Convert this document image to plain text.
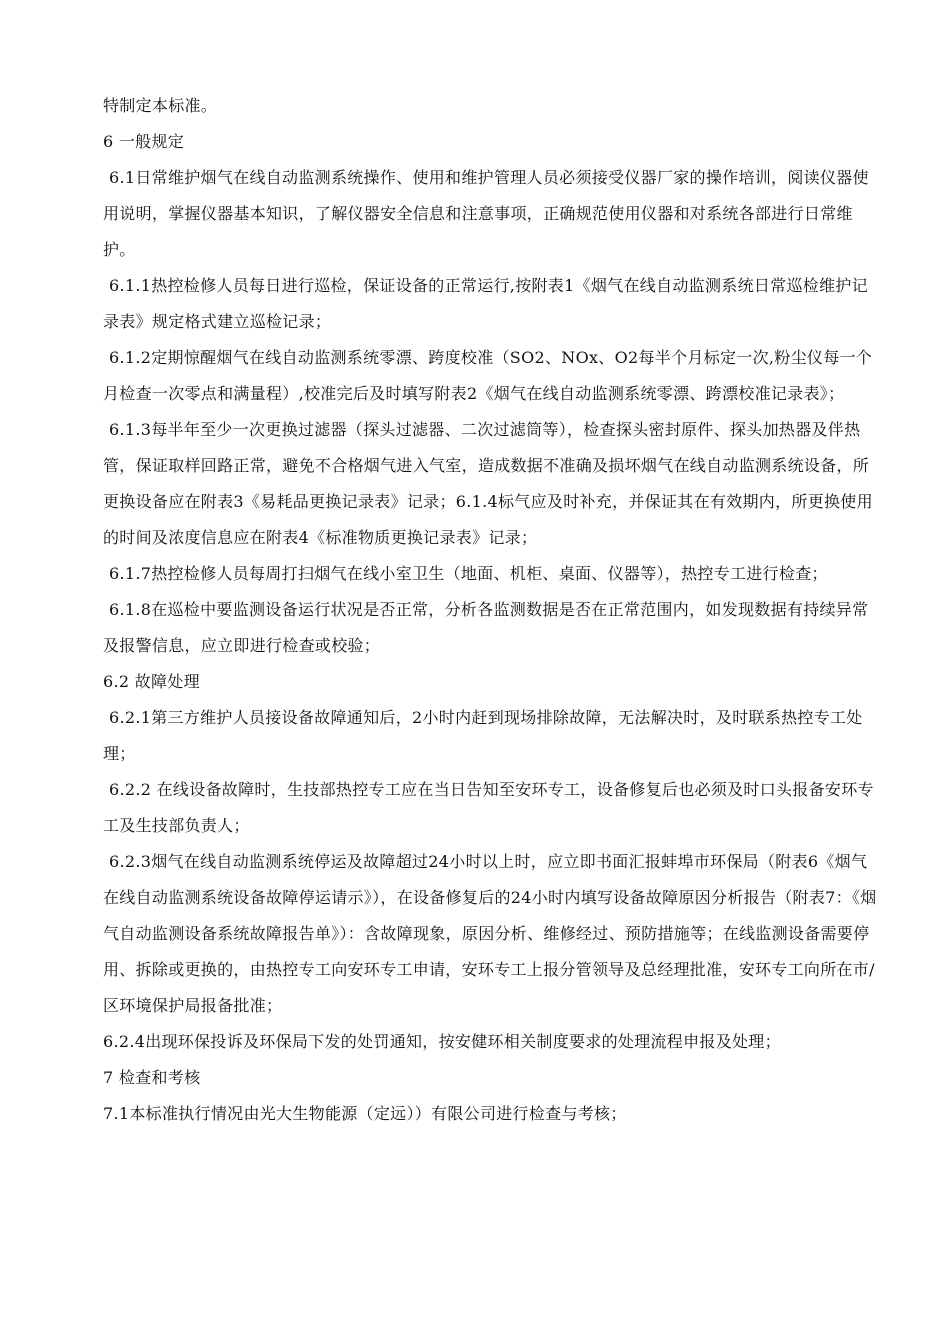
特制定本标准。

6 一般规定

6.1日常维护烟气在线自动监测系统操作、使用和维护管理人员必须接受仪器厂家的操作培训，阅读仪器使用说明，掌握仪器基本知识，了解仪器安全信息和注意事项，正确规范使用仪器和对系统各部进行日常维护。

6.1.1热控检修人员每日进行巡检，保证设备的正常运行,按附表1《烟气在线自动监测系统日常巡检维护记录表》规定格式建立巡检记录；

6.1.2定期惊醒烟气在线自动监测系统零漂、跨度校准（SO2、NOx、O2每半个月标定一次,粉尘仪每一个月检查一次零点和满量程）,校准完后及时填写附表2《烟气在线自动监测系统零漂、跨漂校准记录表》；

6.1.3每半年至少一次更换过滤器（探头过滤器、二次过滤筒等），检查探头密封原件、探头加热器及伴热管，保证取样回路正常，避免不合格烟气进入气室，造成数据不准确及损坏烟气在线自动监测系统设备，所更换设备应在附表3《易耗品更换记录表》记录；6.1.4标气应及时补充，并保证其在有效期内，所更换使用的时间及浓度信息应在附表4《标准物质更换记录表》记录；

6.1.7热控检修人员每周打扫烟气在线小室卫生（地面、机柜、桌面、仪器等），热控专工进行检查；

6.1.8在巡检中要监测设备运行状况是否正常，分析各监测数据是否在正常范围内，如发现数据有持续异常及报警信息，应立即进行检查或校验；

6.2 故障处理

6.2.1第三方维护人员接设备故障通知后，2小时内赶到现场排除故障，无法解决时，及时联系热控专工处理；

6.2.2 在线设备故障时，生技部热控专工应在当日告知至安环专工，设备修复后也必须及时口头报备安环专工及生技部负责人；

6.2.3烟气在线自动监测系统停运及故障超过24小时以上时，应立即书面汇报蚌埠市环保局（附表6《烟气在线自动监测系统设备故障停运请示》），在设备修复后的24小时内填写设备故障原因分析报告（附表7：《烟气自动监测设备系统故障报告单》）：含故障现象，原因分析、维修经过、预防措施等；在线监测设备需要停用、拆除或更换的，由热控专工向安环专工申请，安环专工上报分管领导及总经理批准，安环专工向所在市/区环境保护局报备批准；

6.2.4出现环保投诉及环保局下发的处罚通知，按安健环相关制度要求的处理流程申报及处理；

7 检查和考核

7.1本标准执行情况由光大生物能源（定远））有限公司进行检查与考核；
